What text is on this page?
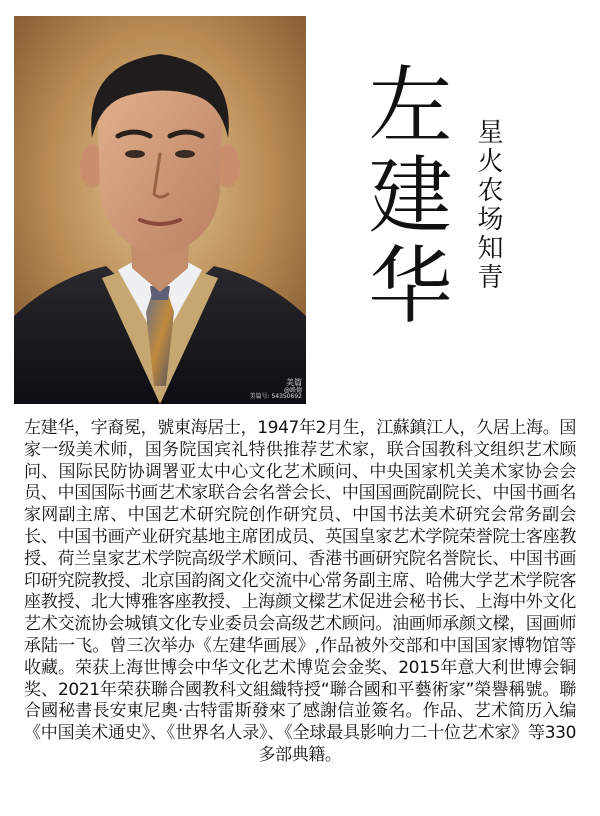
美篇
@路德
美篇号: 54350692
左建华 星火农场知青

左建华，字裔冕，號東海居士，1947年2月生，江蘇鎮江人，久居上海。国家一级美术师，国务院国宾礼特供推荐艺术家，联合国教科文组织艺术顾问、国际民防协调署亚太中心文化艺术顾问、中央国家机关美术家协会会员、中国国际书画艺术家联合会名誉会长、中国国画院副院长、中国书画名家网副主席、中国艺术研究院创作研究员、中国书法美术研究会常务副会长、中国书画产业研究基地主席团成员、英国皇家艺术学院荣誉院士客座教授、荷兰皇家艺术学院高级学术顾问、香港书画研究院名誉院长、中国书画印研究院教授、北京国韵阁文化交流中心常务副主席、哈佛大学艺术学院客座教授、北大博雅客座教授、上海颜文樑艺术促进会秘书长、上海中外文化艺术交流协会城镇文化专业委员会高级艺术顾问。油画师承颜文樑，国画师承陆一飞。曾三次举办《左建华画展》,作品被外交部和中国国家博物馆等收藏。荣获上海世博会中华文化艺术博览会金奖、2015年意大利世博会铜奖、2021年荣获聯合國教科文組織特授“聯合國和平藝術家”榮譽稱號。聯合國秘書長安東尼奧·古特雷斯發來了感謝信並簽名。作品、艺术简历入编《中国美术通史》、《世界名人录》、《全球最具影响力二十位艺术家》等330多部典籍。
